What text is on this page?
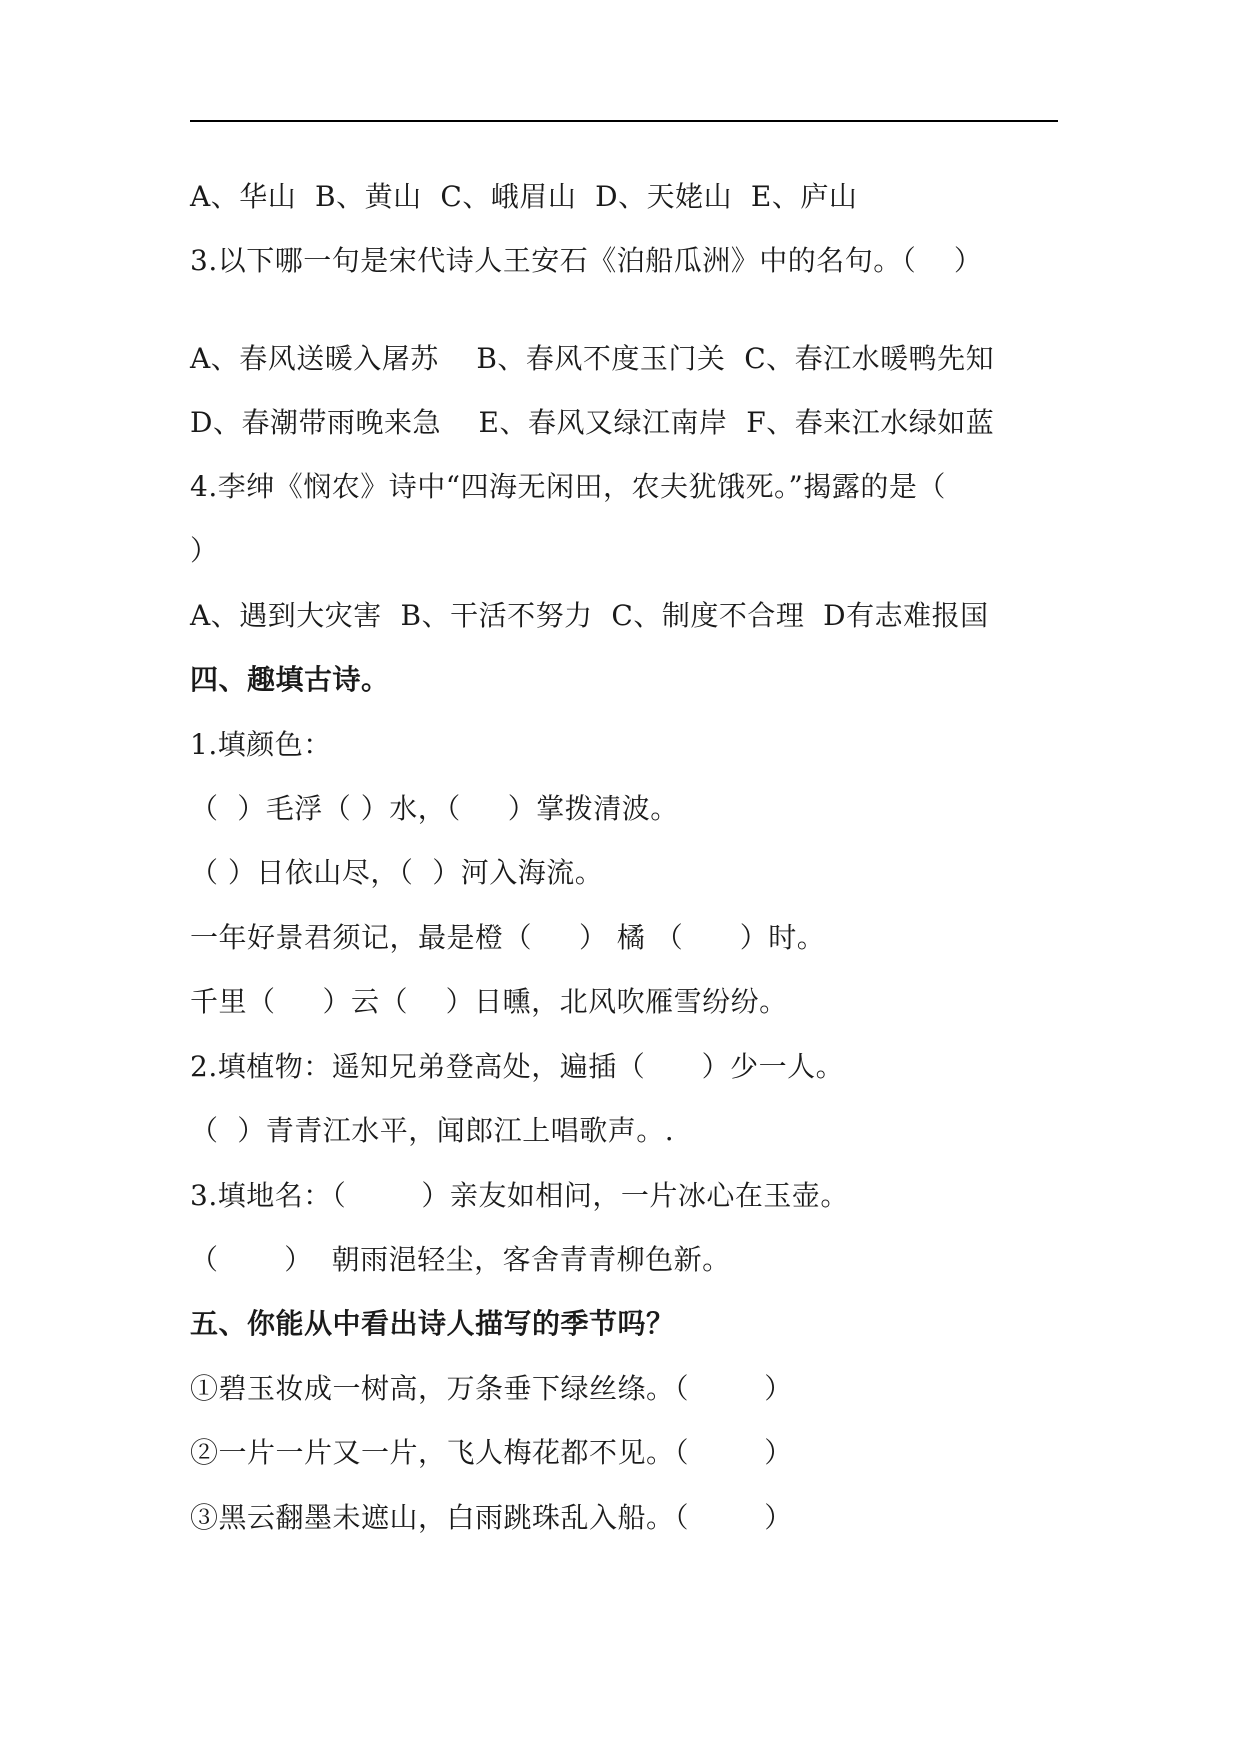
A、华山  B、黄山  C、峨眉山  D、天姥山  E、庐山
3.以下哪一句是宋代诗人王安石《泊船瓜洲》中的名句。（    ）
A、春风送暖入屠苏    B、春风不度玉门关  C、春江水暖鸭先知
D、春潮带雨晚来急    E、春风又绿江南岸  F、春来江水绿如蓝
4.李绅《悯农》诗中“四海无闲田，农夫犹饿死。”揭露的是（
）
A、遇到大灾害  B、干活不努力  C、制度不合理  D有志难报国
四、趣填古诗。
1.填颜色：
（  ）毛浮（ ）水，（     ）掌拨清波。
（ ）日依山尽，（  ）河入海流。
一年好景君须记，最是橙（     ） 橘 （      ）时。
千里（     ）云（    ）日曛，北风吹雁雪纷纷。
2.填植物：遥知兄弟登高处，遍插（      ）少一人。
（  ）青青江水平，闻郎江上唱歌声。.
3.填地名：（        ）亲友如相问，一片冰心在玉壶。
（       ）  朝雨浥轻尘，客舍青青柳色新。
五、你能从中看出诗人描写的季节吗？
①碧玉妆成一树高，万条垂下绿丝绦。（        ）
②一片一片又一片，飞人梅花都不见。（        ）
③黑云翻墨未遮山，白雨跳珠乱入船。（        ）
